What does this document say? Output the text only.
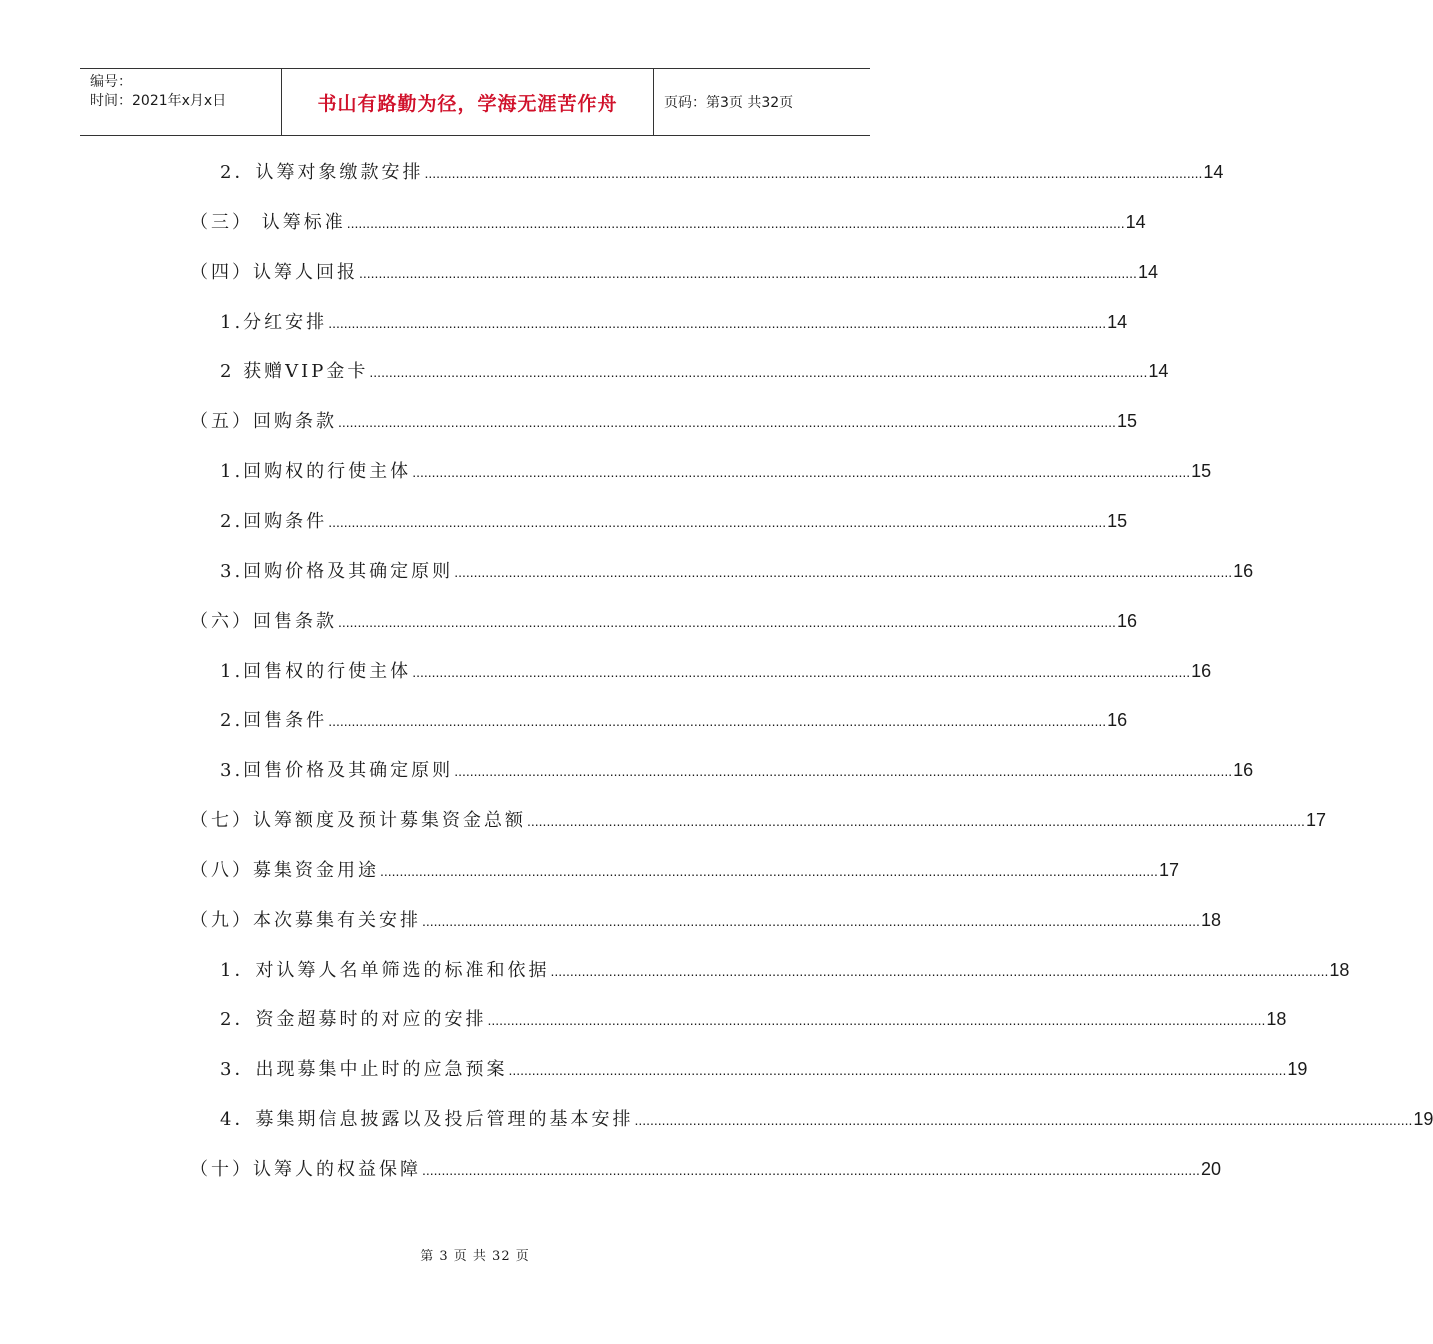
编号：
时间：2021年x月x日	书山有路勤为径，学海无涯苦作舟	页码：第3页 共32页
2．认筹对象缴款安排 ........................................................................................................................................................................................................ 14
（三） 认筹标准 ........................................................................................................................................................................................................ 14
（四）认筹人回报 ........................................................................................................................................................................................................ 14
1.分红安排 ........................................................................................................................................................................................................ 14
2 获赠VIP金卡 ........................................................................................................................................................................................................ 14
（五）回购条款 ........................................................................................................................................................................................................ 15
1.回购权的行使主体 ........................................................................................................................................................................................................ 15
2.回购条件 ........................................................................................................................................................................................................ 15
3.回购价格及其确定原则 ........................................................................................................................................................................................................ 16
（六）回售条款 ........................................................................................................................................................................................................ 16
1.回售权的行使主体 ........................................................................................................................................................................................................ 16
2.回售条件 ........................................................................................................................................................................................................ 16
3.回售价格及其确定原则 ........................................................................................................................................................................................................ 16
（七）认筹额度及预计募集资金总额 ........................................................................................................................................................................................................ 17
（八）募集资金用途 ........................................................................................................................................................................................................ 17
（九）本次募集有关安排 ........................................................................................................................................................................................................ 18
1．对认筹人名单筛选的标准和依据 ........................................................................................................................................................................................................ 18
2．资金超募时的对应的安排 ........................................................................................................................................................................................................ 18
3．出现募集中止时的应急预案 ........................................................................................................................................................................................................ 19
4．募集期信息披露以及投后管理的基本安排 ........................................................................................................................................................................................................ 19
（十）认筹人的权益保障 ........................................................................................................................................................................................................ 20
第 3 页 共 32 页
